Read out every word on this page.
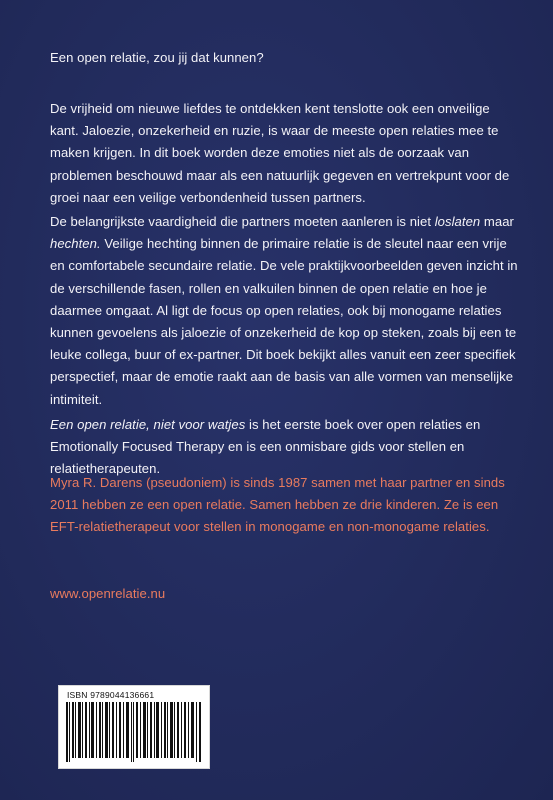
Een open relatie, zou jij dat kunnen?

De vrijheid om nieuwe liefdes te ontdekken kent tenslotte ook een onveilige kant. Jaloezie, onzekerheid en ruzie, is waar de meeste open relaties mee te maken krijgen. In dit boek worden deze emoties niet als de oorzaak van problemen beschouwd maar als een natuurlijk gegeven en vertrekpunt voor de groei naar een veilige verbondenheid tussen partners.

De belangrijkste vaardigheid die partners moeten aanleren is niet loslaten maar hechten. Veilige hechting binnen de primaire relatie is de sleutel naar een vrije en comfortabele secundaire relatie. De vele praktijkvoorbeelden geven inzicht in de verschillende fasen, rollen en valkuilen binnen de open relatie en hoe je daarmee omgaat. Al ligt de focus op open relaties, ook bij monogame relaties kunnen gevoelens als jaloezie of onzekerheid de kop op steken, zoals bij een te leuke collega, buur of ex-partner. Dit boek bekijkt alles vanuit een zeer specifiek perspectief, maar de emotie raakt aan de basis van alle vormen van menselijke intimiteit.

Een open relatie, niet voor watjes is het eerste boek over open relaties en Emotionally Focused Therapy en is een onmisbare gids voor stellen en relatietherapeuten.

Myra R. Darens (pseudoniem) is sinds 1987 samen met haar partner en sinds 2011 hebben ze een open relatie. Samen hebben ze drie kinderen. Ze is een EFT-relatietherapeut voor stellen in monogame en non-monogame relaties.

www.openrelatie.nu

ISBN 9789044136661
